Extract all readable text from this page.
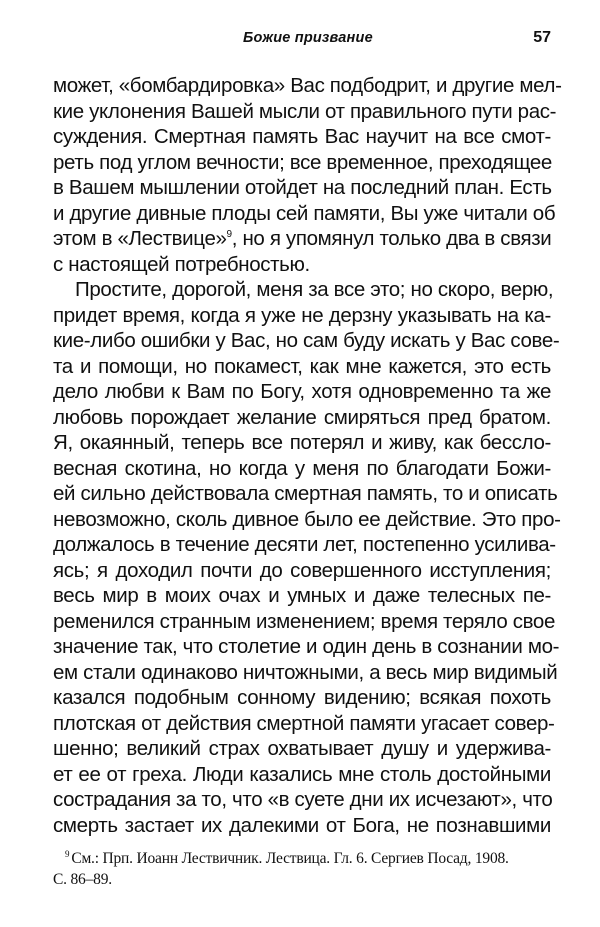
Божие призвание	57
может, «бомбардировка» Вас подбодрит, и другие мел-
кие уклонения Вашей мысли от правильного пути рас-
суждения. Смертная память Вас научит на все смот-
реть под углом вечности; все временное, преходящее
в Вашем мышлении отойдет на последний план. Есть
и другие дивные плоды сей памяти, Вы уже читали об
этом в «Лествице»$^9$, но я упомянул только два в связи
с настоящей потребностью.
Простите, дорогой, меня за все это; но скоро, верю,
придет время, когда я уже не дерзну указывать на ка-
кие-либо ошибки у Вас, но сам буду искать у Вас сове-
та и помощи, но покамест, как мне кажется, это есть
дело любви к Вам по Богу, хотя одновременно та же
любовь порождает желание смиряться пред братом.
Я, окаянный, теперь все потерял и живу, как бессло-
весная скотина, но когда у меня по благодати Божи-
ей сильно действовала смертная память, то и описать
невозможно, сколь дивное было ее действие. Это про-
должалось в течение десяти лет, постепенно усилива-
ясь; я доходил почти до совершенного исступления;
весь мир в моих очах и умных и даже телесных пе-
ременился странным изменением; время теряло свое
значение так, что столетие и один день в сознании мо-
ем стали одинаково ничтожными, а весь мир видимый
казался подобным сонному видению; всякая похоть
плотская от действия смертной памяти угасает совер-
шенно; великий страх охватывает душу и удержива-
ет ее от греха. Люди казались мне столь достойными
сострадания за то, что «в суете дни их исчезают», что
смерть застает их далекими от Бога, не познавшими
$^9$ См.: Прп. Иоанн Лествичник. Лествица. Гл. 6. Сергиев Посад, 1908.
С. 86–89.
